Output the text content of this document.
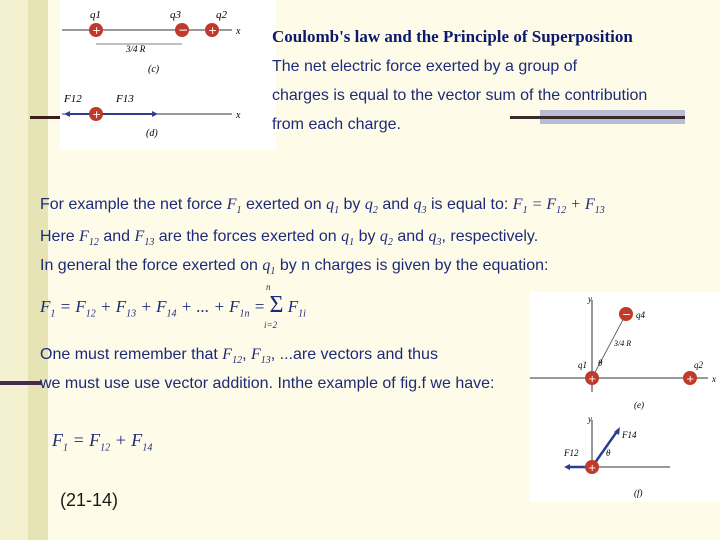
+	− + x
q1	q3	q2
3/4 R
(c)
+
F12	F13
x
(d)
Coulomb's law and the Principle of Superposition
The net electric force exerted by a group of
charges is equal to the vector sum of the contribution
from each charge.
For example the net force $F_1$ exerted on $q_1$ by $q_2$ and $q_3$ is equal to: $F_1 = F_{12} + F_{13}$
Here $F_{12}$ and $F_{13}$ are the forces exerted on $q_1$ by $q_2$ and $q_3$, respectively.
In general the force exerted on $q_1$ by n charges is given by the equation:
$F_1 = F_{12} + F_{13} + F_{14}$ + ... + $F_{1n} = \Sigma$ $F_{1i}$
i=2
n
One must remember that $F_{12}$, $F_{13}$, ...are vectors and thus
we must use use vector addition. Inthe example of fig.f we have:
$F_1 = F_{12} + F_{14}$
(21-14)
y
x
+
−
+
q4
q1	q2
3/4 R
θ
(e)
+
y
F14
F12	θ
(f)
